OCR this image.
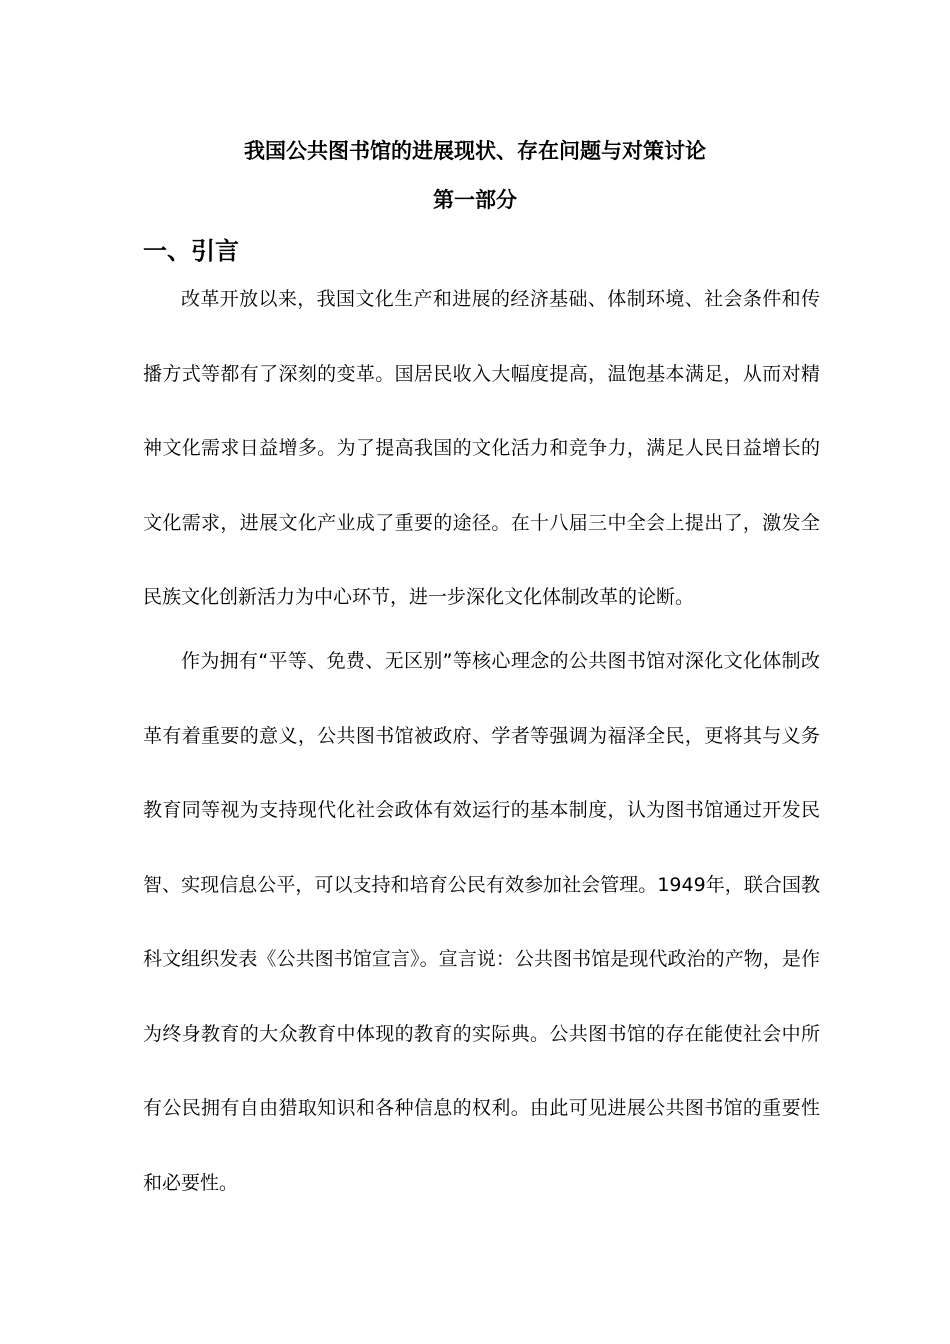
我国公共图书馆的进展现状、存在问题与对策讨论
第一部分
一、引言

改革开放以来，我国文化生产和进展的经济基础、体制环境、社会条件和传播方式等都有了深刻的变革。国居民收入大幅度提高，温饱基本满足，从而对精神文化需求日益增多。为了提高我国的文化活力和竞争力，满足人民日益增长的文化需求，进展文化产业成了重要的途径。在十八届三中全会上提出了，激发全民族文化创新活力为中心环节，进一步深化文化体制改革的论断。

作为拥有“平等、免费、无区别”等核心理念的公共图书馆对深化文化体制改革有着重要的意义，公共图书馆被政府、学者等强调为福泽全民，更将其与义务教育同等视为支持现代化社会政体有效运行的基本制度，认为图书馆通过开发民智、实现信息公平，可以支持和培育公民有效参加社会管理。1949年，联合国教科文组织发表《公共图书馆宣言》。宣言说：公共图书馆是现代政治的产物，是作为终身教育的大众教育中体现的教育的实际典。公共图书馆的存在能使社会中所有公民拥有自由猎取知识和各种信息的权利。由此可见进展公共图书馆的重要性和必要性。
